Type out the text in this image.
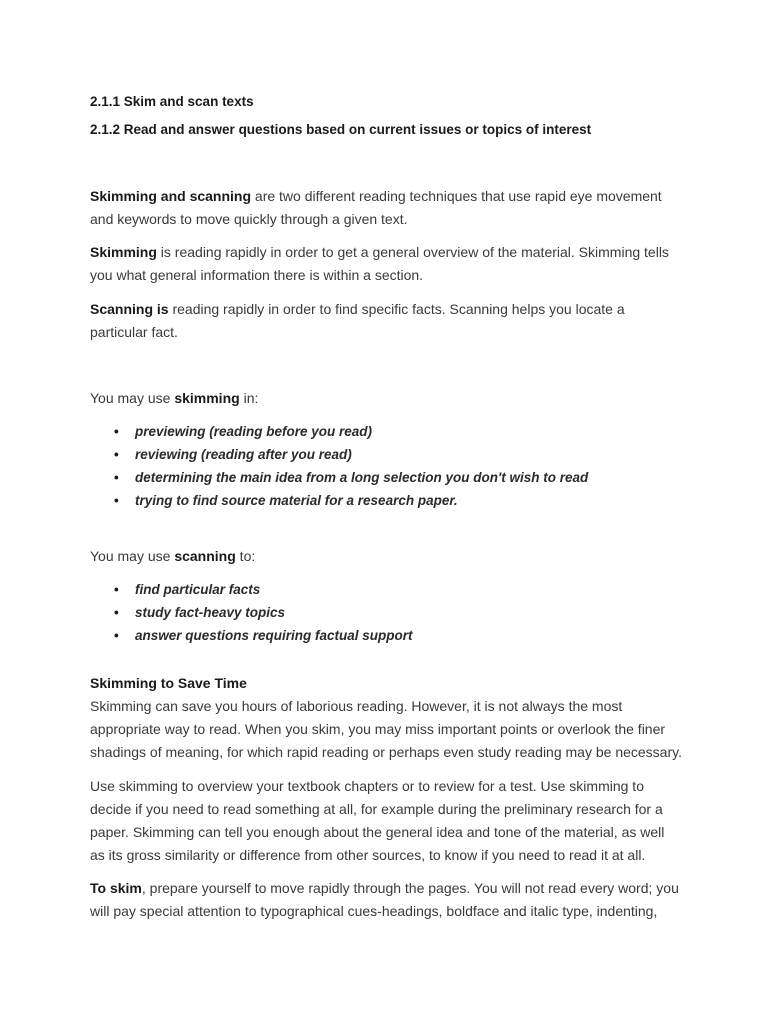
2.1.1 Skim and scan texts
2.1.2 Read and answer questions based on current issues or topics of interest

Skimming and scanning are two different reading techniques that use rapid eye movement and keywords to move quickly through a given text.

Skimming is reading rapidly in order to get a general overview of the material. Skimming tells you what general information there is within a section.

Scanning is reading rapidly in order to find specific facts. Scanning helps you locate a particular fact.

You may use skimming in:

• previewing (reading before you read)
• reviewing (reading after you read)
• determining the main idea from a long selection you don't wish to read
• trying to find source material for a research paper.

You may use scanning to:

• find particular facts
• study fact-heavy topics
• answer questions requiring factual support

Skimming to Save Time

Skimming can save you hours of laborious reading. However, it is not always the most appropriate way to read. When you skim, you may miss important points or overlook the finer shadings of meaning, for which rapid reading or perhaps even study reading may be necessary.

Use skimming to overview your textbook chapters or to review for a test. Use skimming to decide if you need to read something at all, for example during the preliminary research for a paper. Skimming can tell you enough about the general idea and tone of the material, as well as its gross similarity or difference from other sources, to know if you need to read it at all.

To skim, prepare yourself to move rapidly through the pages. You will not read every word; you will pay special attention to typographical cues-headings, boldface and italic type, indenting,
